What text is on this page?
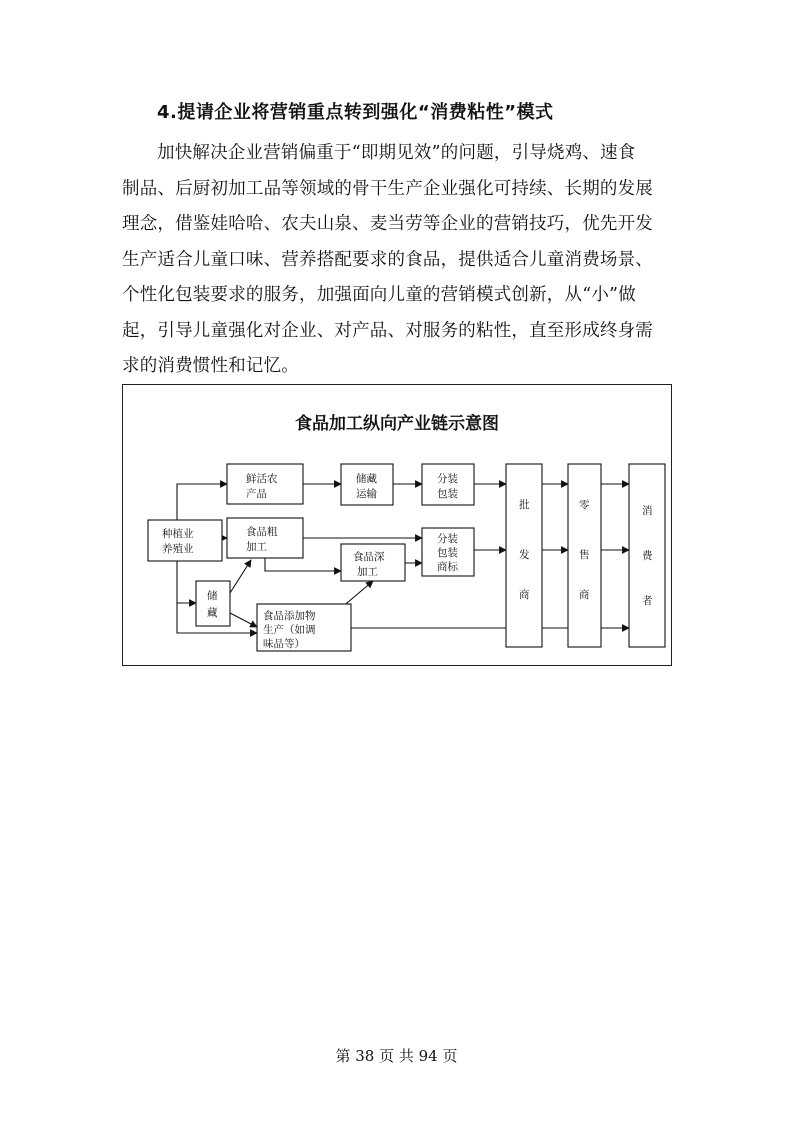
4.提请企业将营销重点转到强化“消费粘性”模式
加快解决企业营销偏重于“即期见效”的问题，引导烧鸡、速食
制品、后厨初加工品等领域的骨干生产企业强化可持续、长期的发展
理念，借鉴娃哈哈、农夫山泉、麦当劳等企业的营销技巧，优先开发
生产适合儿童口味、营养搭配要求的食品，提供适合儿童消费场景、
个性化包装要求的服务，加强面向儿童的营销模式创新，从“小”做
起，引导儿童强化对企业、对产品、对服务的粘性，直至形成终身需
求的消费惯性和记忆。
食品加工纵向产业链示意图
种植业
养殖业
鲜活农
产品
食品粗
加工
储藏
运输
分装
包装
分装
包装
商标
食品深
加工
储
藏	食品添加物
生产（如调
味品等）
批
发
商
零
售
商
消
费
者
第 38 页 共 94 页
